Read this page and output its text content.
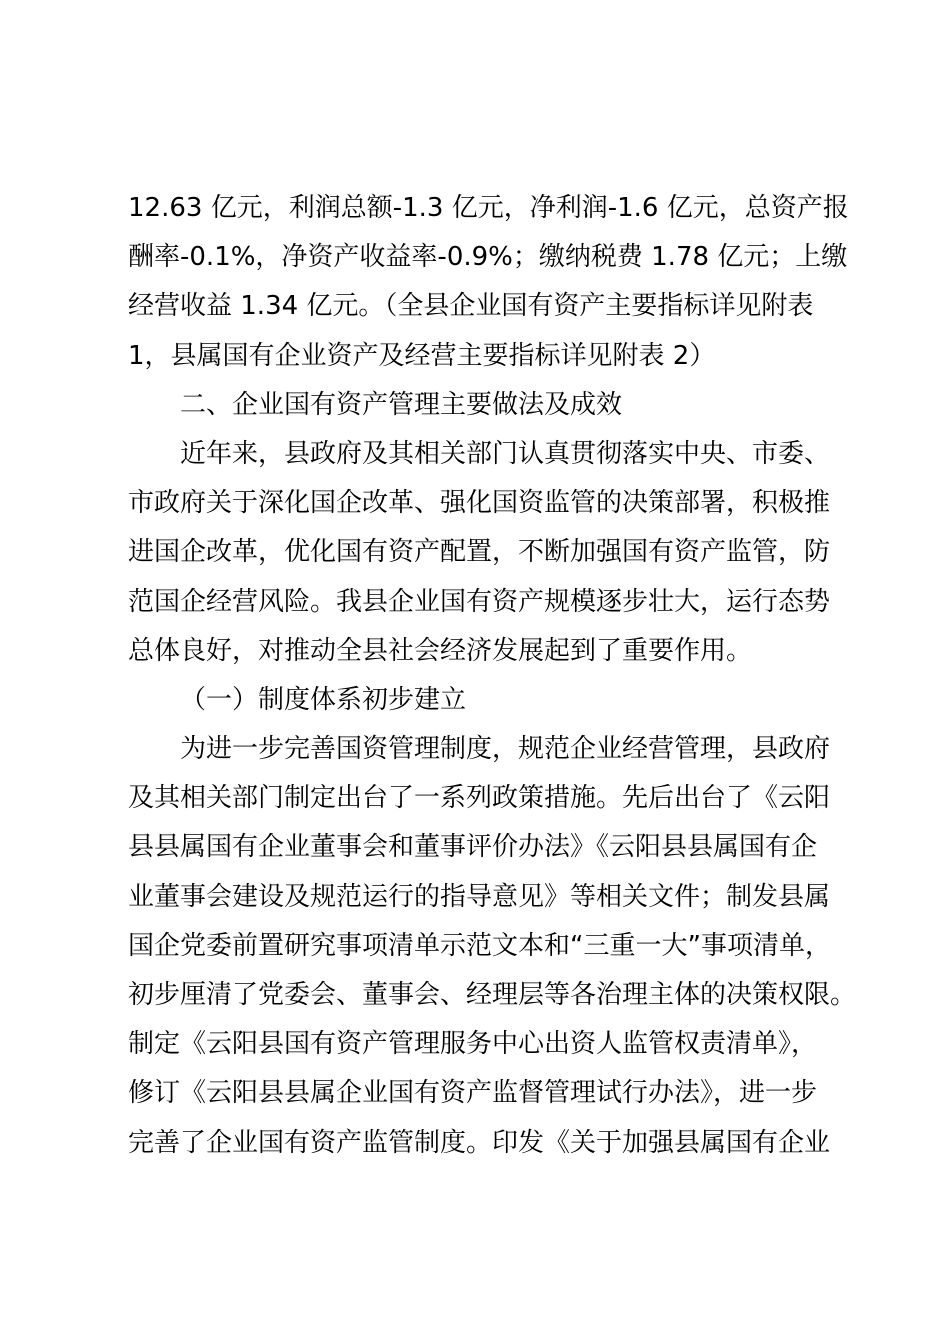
12.63 亿元，利润总额-1.3 亿元，净利润-1.6 亿元，总资产报
酬率-0.1%，净资产收益率-0.9%；缴纳税费 1.78 亿元；上缴
经营收益 1.34 亿元。（全县企业国有资产主要指标详见附表
1，县属国有企业资产及经营主要指标详见附表 2）
二、企业国有资产管理主要做法及成效
近年来，县政府及其相关部门认真贯彻落实中央、市委、
市政府关于深化国企改革、强化国资监管的决策部署，积极推
进国企改革，优化国有资产配置，不断加强国有资产监管，防
范国企经营风险。我县企业国有资产规模逐步壮大，运行态势
总体良好，对推动全县社会经济发展起到了重要作用。
（一）制度体系初步建立
为进一步完善国资管理制度，规范企业经营管理，县政府
及其相关部门制定出台了一系列政策措施。先后出台了《云阳
县县属国有企业董事会和董事评价办法》《云阳县县属国有企
业董事会建设及规范运行的指导意见》等相关文件；制发县属
国企党委前置研究事项清单示范文本和“三重一大”事项清单，
初步厘清了党委会、董事会、经理层等各治理主体的决策权限。
制定《云阳县国有资产管理服务中心出资人监管权责清单》，
修订《云阳县县属企业国有资产监督管理试行办法》，进一步
完善了企业国有资产监管制度。印发《关于加强县属国有企业
